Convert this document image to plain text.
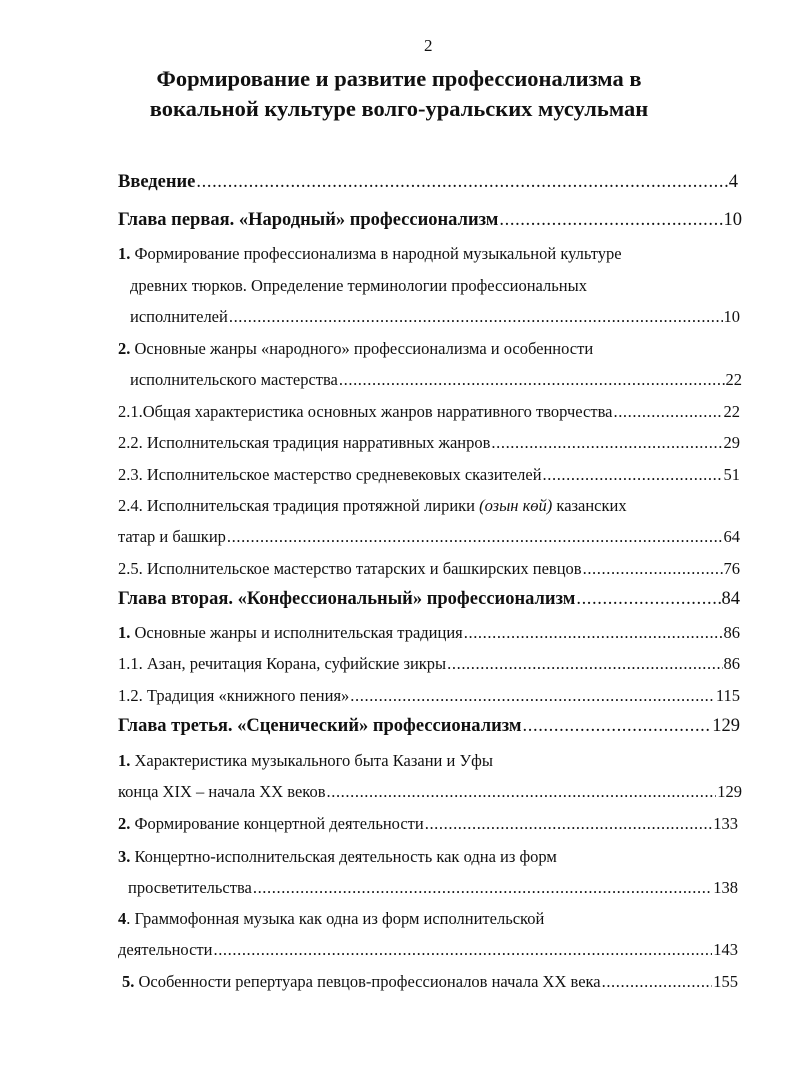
2
Формирование и развитие профессионализма в
вокальной культуре волго-уральских мусульман
Введение .....	4
Глава первая. «Народный» профессионализм .....	10
1. Формирование профессионализма в народной музыкальной культуре
древних тюрков. Определение терминологии профессиональных
исполнителей .....	10
2. Основные жанры «народного» профессионализма и особенности
исполнительского мастерства .....	22
2.1.Общая характеристика основных жанров нарративного творчества .....	22
2.2. Исполнительская традиция нарративных жанров .....	29
2.3. Исполнительское мастерство средневековых сказителей .....	51
2.4. Исполнительская традиция протяжной лирики (озын көй) казанских
татар и башкир .....	64
2.5. Исполнительское мастерство татарских и башкирских певцов .....	76
Глава вторая. «Конфессиональный» профессионализм .....	84
1. Основные жанры и исполнительская традиция .....	86
1.1. Азан, речитация Корана, суфийские зикры .....	86
1.2. Традиция «книжного пения» .....	115
Глава третья. «Сценический» профессионализм .....	129
1. Характеристика музыкального быта Казани и Уфы
конца XIX – начала XX веков .....	129
2. Формирование концертной деятельности .....	133
3. Концертно-исполнительская деятельность как одна из форм
просветительства .....	138
4. Граммофонная музыка как одна из форм исполнительской
деятельности .....	143
5. Особенности репертуара певцов-профессионалов начала XX века .....	155
